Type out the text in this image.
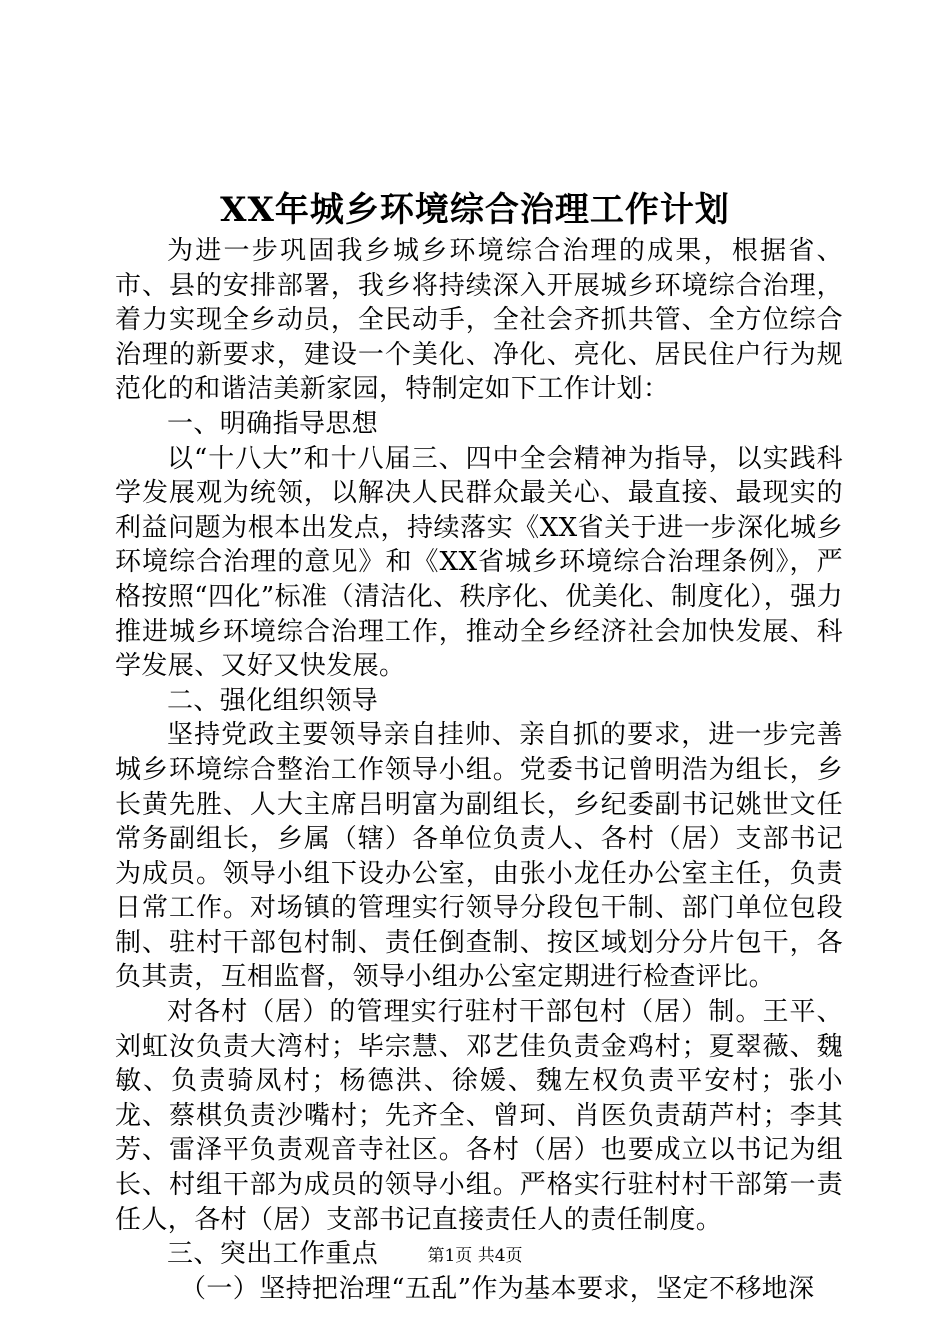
XX年城乡环境综合治理工作计划

为进一步巩固我乡城乡环境综合治理的成果，根据省、市、县的安排部署，我乡将持续深入开展城乡环境综合治理，着力实现全乡动员，全民动手，全社会齐抓共管、全方位综合治理的新要求，建设一个美化、净化、亮化、居民住户行为规范化的和谐洁美新家园，特制定如下工作计划：

一、明确指导思想

以“十八大”和十八届三、四中全会精神为指导，以实践科学发展观为统领，以解决人民群众最关心、最直接、最现实的利益问题为根本出发点，持续落实《XX省关于进一步深化城乡环境综合治理的意见》和《XX省城乡环境综合治理条例》，严格按照“四化”标准（清洁化、秩序化、优美化、制度化），强力推进城乡环境综合治理工作，推动全乡经济社会加快发展、科学发展、又好又快发展。

二、强化组织领导

坚持党政主要领导亲自挂帅、亲自抓的要求，进一步完善城乡环境综合整治工作领导小组。党委书记曾明浩为组长，乡长黄先胜、人大主席吕明富为副组长，乡纪委副书记姚世文任常务副组长，乡属（辖）各单位负责人、各村（居）支部书记为成员。领导小组下设办公室，由张小龙任办公室主任，负责日常工作。对场镇的管理实行领导分段包干制、部门单位包段制、驻村干部包村制、责任倒查制、按区域划分分片包干，各负其责，互相监督，领导小组办公室定期进行检查评比。

对各村（居）的管理实行驻村干部包村（居）制。王平、刘虹汝负责大湾村；毕宗慧、邓艺佳负责金鸡村；夏翠薇、魏敏、负责骑凤村；杨德洪、徐媛、魏左权负责平安村；张小龙、蔡棋负责沙嘴村；先齐全、曾珂、肖医负责葫芦村；李其芳、雷泽平负责观音寺社区。各村（居）也要成立以书记为组长、村组干部为成员的领导小组。严格实行驻村村干部第一责任人，各村（居）支部书记直接责任人的责任制度。

三、突出工作重点

（一）坚持把治理“五乱”作为基本要求，坚定不移地深

第1页 共4页
